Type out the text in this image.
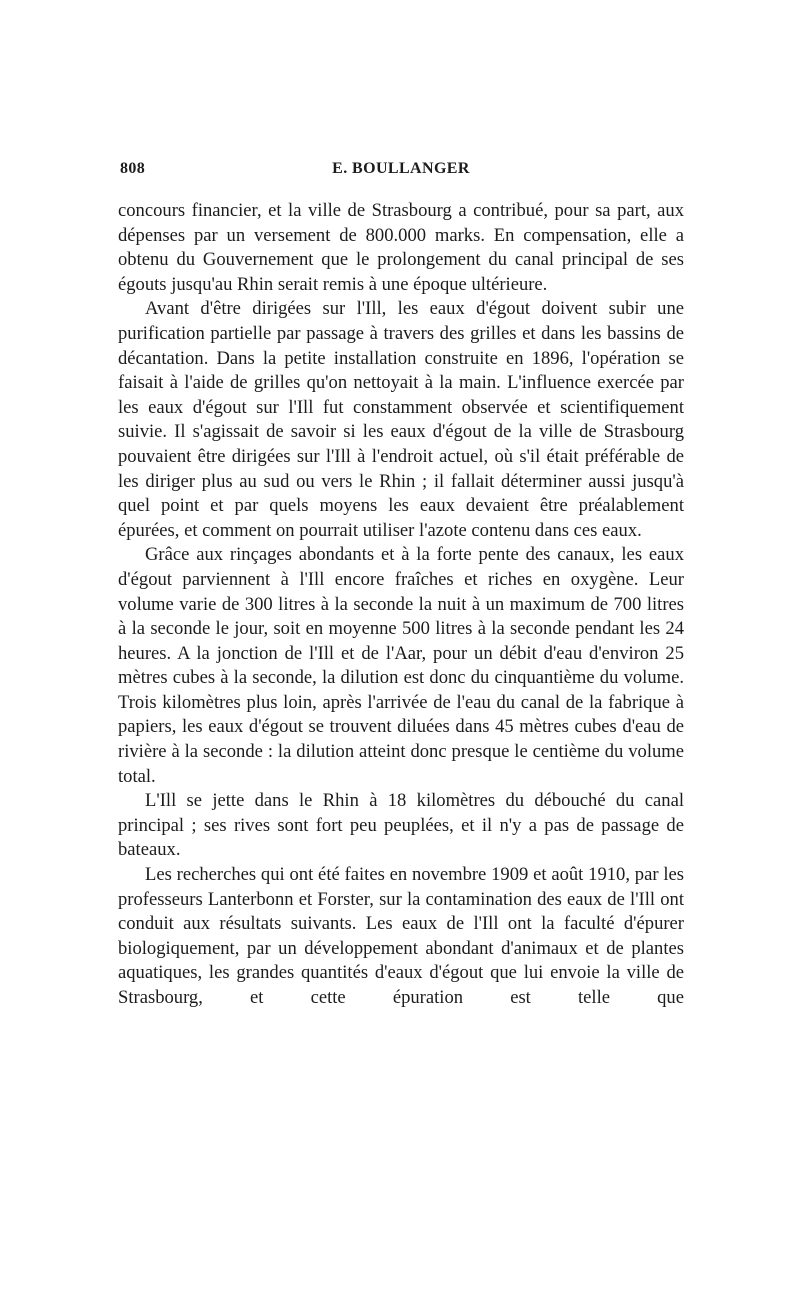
808	E. BOULLANGER

concours financier, et la ville de Strasbourg a contribué, pour sa part, aux dépenses par un versement de 800.000 marks. En compensation, elle a obtenu du Gouvernement que le prolongement du canal principal de ses égouts jusqu'au Rhin serait remis à une époque ultérieure.

Avant d'être dirigées sur l'Ill, les eaux d'égout doivent subir une purification partielle par passage à travers des grilles et dans les bassins de décantation. Dans la petite installation construite en 1896, l'opération se faisait à l'aide de grilles qu'on nettoyait à la main. L'influence exercée par les eaux d'égout sur l'Ill fut constamment observée et scientifiquement suivie. Il s'agissait de savoir si les eaux d'égout de la ville de Strasbourg pouvaient être dirigées sur l'Ill à l'endroit actuel, où s'il était préférable de les diriger plus au sud ou vers le Rhin ; il fallait déterminer aussi jusqu'à quel point et par quels moyens les eaux devaient être préalablement épurées, et comment on pourrait utiliser l'azote contenu dans ces eaux.

Grâce aux rinçages abondants et à la forte pente des canaux, les eaux d'égout parviennent à l'Ill encore fraîches et riches en oxygène. Leur volume varie de 300 litres à la seconde la nuit à un maximum de 700 litres à la seconde le jour, soit en moyenne 500 litres à la seconde pendant les 24 heures. A la jonction de l'Ill et de l'Aar, pour un débit d'eau d'environ 25 mètres cubes à la seconde, la dilution est donc du cinquantième du volume. Trois kilomètres plus loin, après l'arrivée de l'eau du canal de la fabrique à papiers, les eaux d'égout se trouvent diluées dans 45 mètres cubes d'eau de rivière à la seconde : la dilution atteint donc presque le centième du volume total.

L'Ill se jette dans le Rhin à 18 kilomètres du débouché du canal principal ; ses rives sont fort peu peuplées, et il n'y a pas de passage de bateaux.

Les recherches qui ont été faites en novembre 1909 et août 1910, par les professeurs Lanterbonn et Forster, sur la contamination des eaux de l'Ill ont conduit aux résultats suivants. Les eaux de l'Ill ont la faculté d'épurer biologiquement, par un développement abondant d'animaux et de plantes aquatiques, les grandes quantités d'eaux d'égout que lui envoie la ville de Strasbourg, et cette épuration est telle que
